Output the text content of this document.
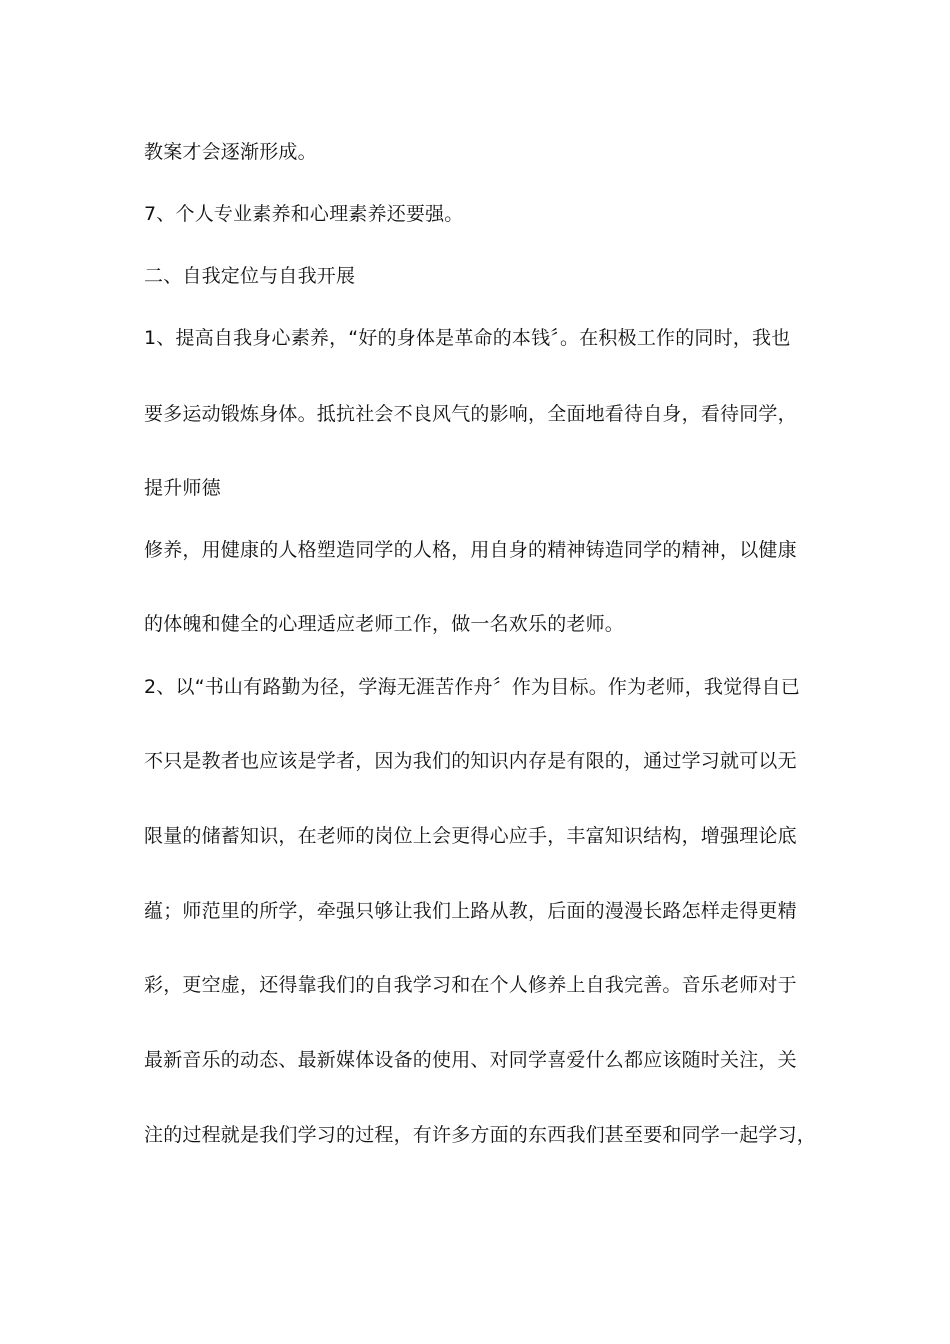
教案才会逐渐形成。
7、个人专业素养和心理素养还要强。
二、自我定位与自我开展
1、提高自我身心素养，“好的身体是革命的本钱〞。在积极工作的同时，我也
要多运动锻炼身体。抵抗社会不良风气的影响，全面地看待自身，看待同学，
提升师德
修养，用健康的人格塑造同学的人格，用自身的精神铸造同学的精神，以健康
的体魄和健全的心理适应老师工作，做一名欢乐的老师。
2、以“书山有路勤为径，学海无涯苦作舟〞作为目标。作为老师，我觉得自已
不只是教者也应该是学者，因为我们的知识内存是有限的，通过学习就可以无
限量的储蓄知识，在老师的岗位上会更得心应手，丰富知识结构，增强理论底
蕴；师范里的所学，牵强只够让我们上路从教，后面的漫漫长路怎样走得更精
彩，更空虚，还得靠我们的自我学习和在个人修养上自我完善。音乐老师对于
最新音乐的动态、最新媒体设备的使用、对同学喜爱什么都应该随时关注，关
注的过程就是我们学习的过程，有许多方面的东西我们甚至要和同学一起学习，
